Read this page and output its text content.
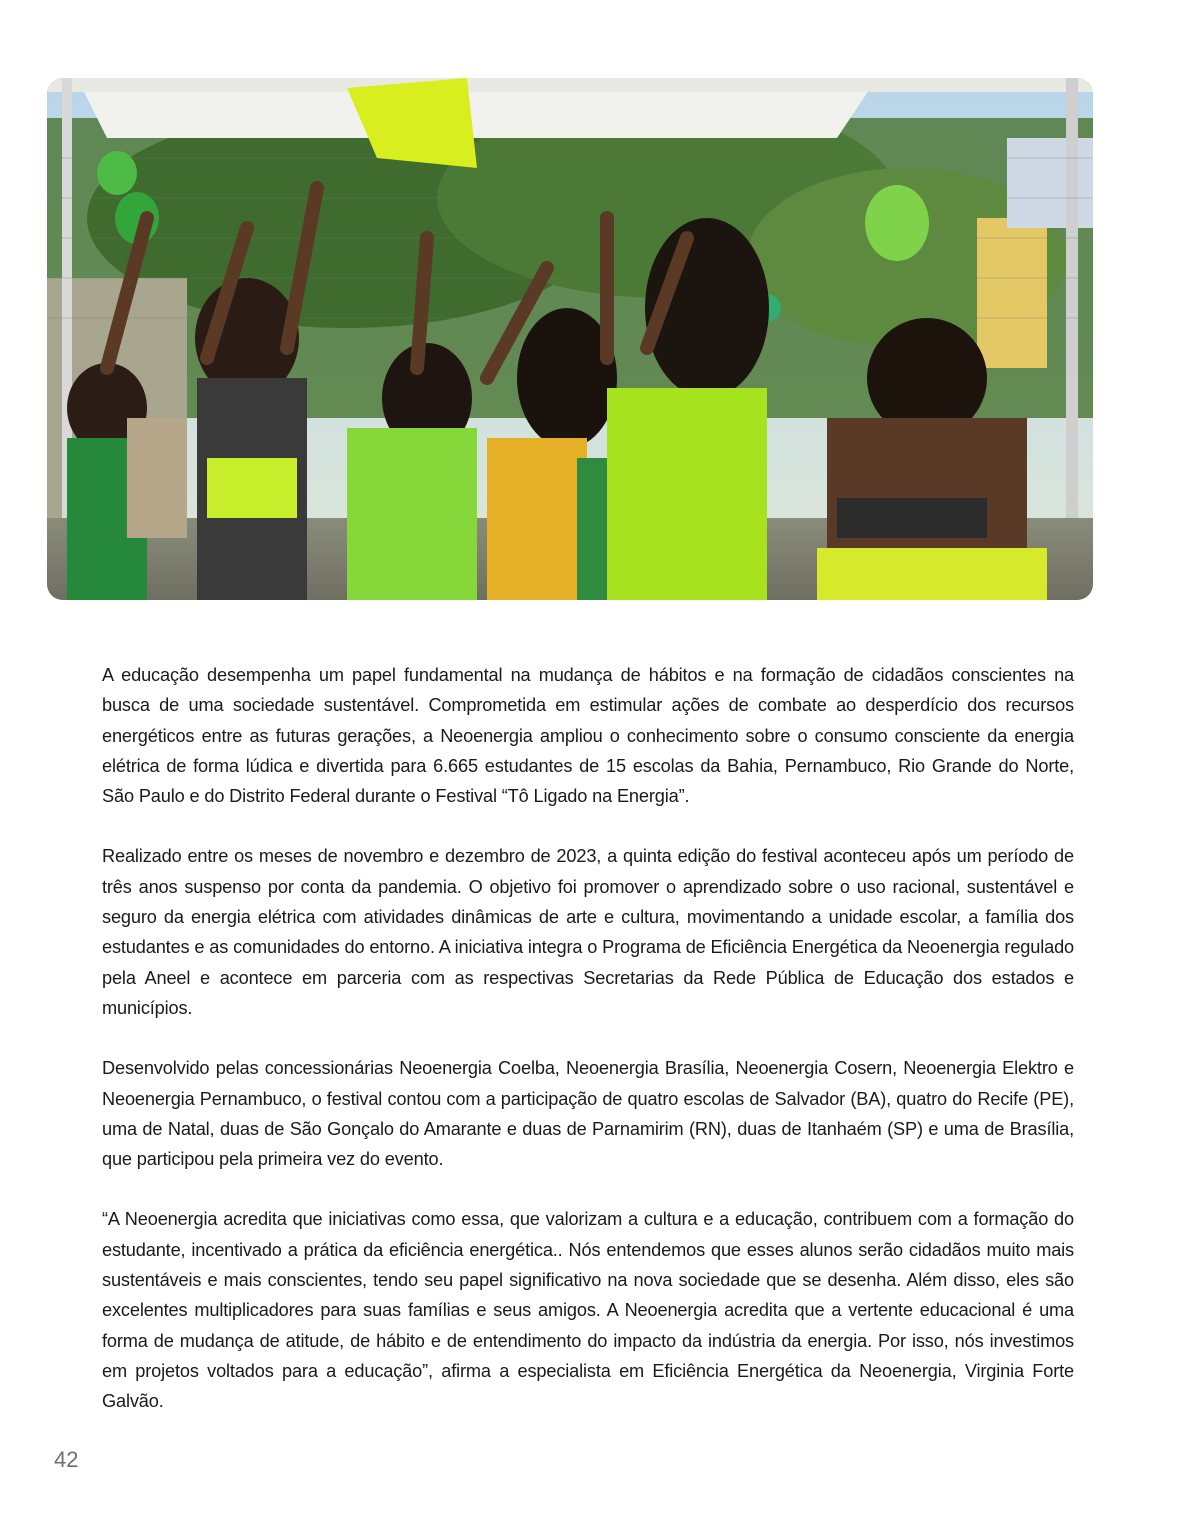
A educação desempenha um papel fundamental na mudança de hábitos e na formação de cidadãos conscientes na busca de uma sociedade sustentável. Comprometida em estimular ações de combate ao desperdício dos recursos energéticos entre as futuras gerações, a Neoenergia ampliou o conhecimento sobre o consumo consciente da energia elétrica de forma lúdica e divertida para 6.665 estudantes de 15 escolas da Bahia, Pernambuco, Rio Grande do Norte, São Paulo e do Distrito Federal durante o Festival “Tô Ligado na Energia”.

Realizado entre os meses de novembro e dezembro de 2023, a quinta edição do festival aconteceu após um período de três anos suspenso por conta da pandemia. O objetivo foi promover o aprendizado sobre o uso racional, sustentável e seguro da energia elétrica com atividades dinâmicas de arte e cultura, movimentando a unidade escolar, a família dos estudantes e as comunidades do entorno. A iniciativa integra o Programa de Eficiência Energética da Neoenergia regulado pela Aneel e acontece em parceria com as respectivas Secretarias da Rede Pública de Educação dos estados e municípios.

Desenvolvido pelas concessionárias Neoenergia Coelba, Neoenergia Brasília, Neoenergia Cosern, Neoenergia Elektro e Neoenergia Pernambuco, o festival contou com a participação de quatro escolas de Salvador (BA), quatro do Recife (PE), uma de Natal, duas de São Gonçalo do Amarante e duas de Parnamirim (RN), duas de Itanhaém (SP) e uma de Brasília, que participou pela primeira vez do evento.

“A Neoenergia acredita que iniciativas como essa, que valorizam a cultura e a educação, contribuem com a formação do estudante, incentivado a prática da eficiência energética.. Nós entendemos que esses alunos serão cidadãos muito mais sustentáveis e mais conscientes, tendo seu papel significativo na nova sociedade que se desenha. Além disso, eles são excelentes multiplicadores para suas famílias e seus amigos. A Neoenergia acredita que a vertente educacional é uma forma de mudança de atitude, de hábito e de entendimento do impacto da indústria da energia. Por isso, nós investimos em projetos voltados para a educação”, afirma a especialista em Eficiência Energética da Neoenergia, Virginia Forte Galvão.

42
